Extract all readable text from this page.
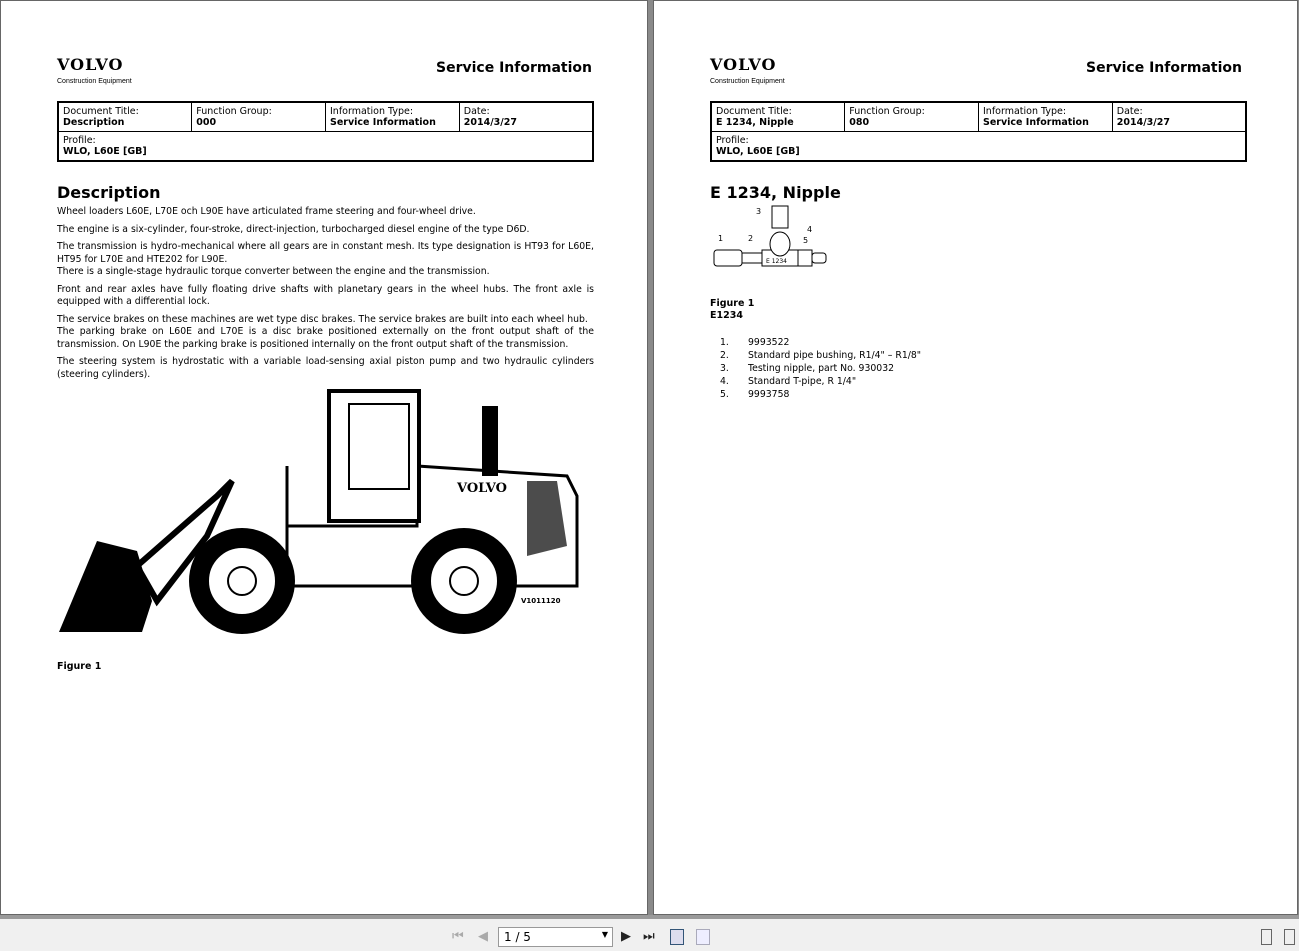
VOLVO
Construction Equipment
Service Information
Document Title:
Description
	Function Group:
000
	Information Type:
Service Information
	Date:
2014/3/27

Profile:
WLO, L60E [GB]
Description

Wheel loaders L60E, L70E och L90E have articulated frame steering and four-wheel drive.

The engine is a six-cylinder, four-stroke, direct-injection, turbocharged diesel engine of the type D6D.

The transmission is hydro-mechanical where all gears are in constant mesh. Its type designation is HT93 for L60E, HT95 for L70E and HTE202 for L90E.

There is a single-stage hydraulic torque converter between the engine and the transmission.

Front and rear axles have fully floating drive shafts with planetary gears in the wheel hubs. The front axle is equipped with a differential lock.

The service brakes on these machines are wet type disc brakes. The service brakes are built into each wheel hub.

The parking brake on L60E and L70E is a disc brake positioned externally on the front output shaft of the transmission. On L90E the parking brake is positioned internally on the front output shaft of the transmission.

The steering system is hydrostatic with a variable load-sensing axial piston pump and two hydraulic cylinders (steering cylinders).

VOLVO
V1011120
Figure 1
VOLVO
Construction Equipment
Service Information
Document Title:
E 1234, Nipple
	Function Group:
080
	Information Type:
Service Information
	Date:
2014/3/27

Profile:
WLO, L60E [GB]
E 1234, Nipple
E 1234
1	2
3
4
5
Figure 1
E1234
1. 9993522
2. Standard pipe bushing, R1/4" – R1/8"
3. Testing nipple, part No. 930032
4. Standard T-pipe, R 1/4"
5. 9993758
⏮ ◀	1 / 5	▼ ▶ ⏭
